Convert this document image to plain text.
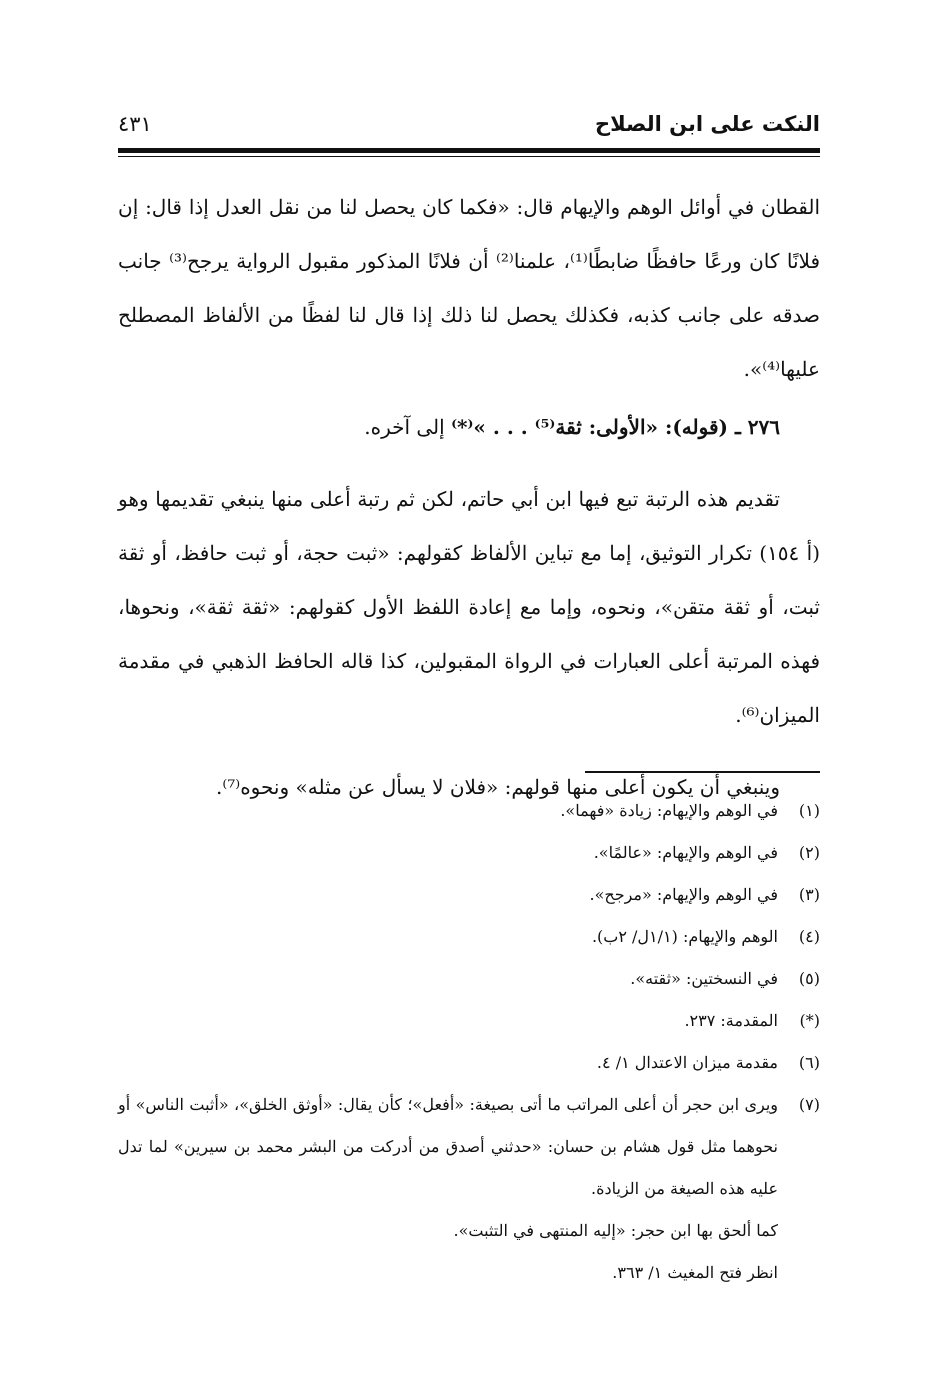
النكت على ابن الصلاح
٤٣١

القطان في أوائل الوهم والإيهام قال: «فكما كان يحصل لنا من نقل العدل إذا قال: إن فلانًا كان ورعًا حافظًا ضابطًا⁽¹⁾، علمنا⁽²⁾ أن فلانًا المذكور مقبول الرواية يرجح⁽³⁾ جانب صدقه على جانب كذبه، فكذلك يحصل لنا ذلك إذا قال لنا لفظًا من الألفاظ المصطلح عليها⁽⁴⁾».

٢٧٦ ـ (قوله): «الأولى: ثقة⁽⁵⁾ . . . »⁽*⁾ إلى آخره.

تقديم هذه الرتبة تبع فيها ابن أبي حاتم، لكن ثم رتبة أعلى منها ينبغي تقديمها وهو (أ ١٥٤) تكرار التوثيق، إما مع تباين الألفاظ كقولهم: «ثبت حجة، أو ثبت حافظ، أو ثقة ثبت، أو ثقة متقن»، ونحوه، وإما مع إعادة اللفظ الأول كقولهم: «ثقة ثقة»، ونحوها، فهذه المرتبة أعلى العبارات في الرواة المقبولين، كذا قاله الحافظ الذهبي في مقدمة الميزان⁽⁶⁾.

وينبغي أن يكون أعلى منها قولهم: «فلان لا يسأل عن مثله» ونحوه⁽⁷⁾.

(١)
في الوهم والإيهام: زيادة «فهما».
(٢)
في الوهم والإيهام: «عالمًا».
(٣)
في الوهم والإيهام: «مرجح».
(٤)
الوهم والإيهام: (١/١ل/ ٢ب).
(٥)
في النسختين: «ثقته».
(*)
المقدمة: ٢٣٧.
(٦)
مقدمة ميزان الاعتدال ١/ ٤.
(٧)
ويرى ابن حجر أن أعلى المراتب ما أتى بصيغة: «أفعل»؛ كأن يقال: «أوثق الخلق»، «أثبت الناس» أو نحوهما مثل قول هشام بن حسان: «حدثني أصدق من أدركت من البشر محمد بن سيرين» لما تدل عليه هذه الصيغة من الزيادة.
كما ألحق بها ابن حجر: «إليه المنتهى في التثبت».
انظر فتح المغيث ١/ ٣٦٣.
